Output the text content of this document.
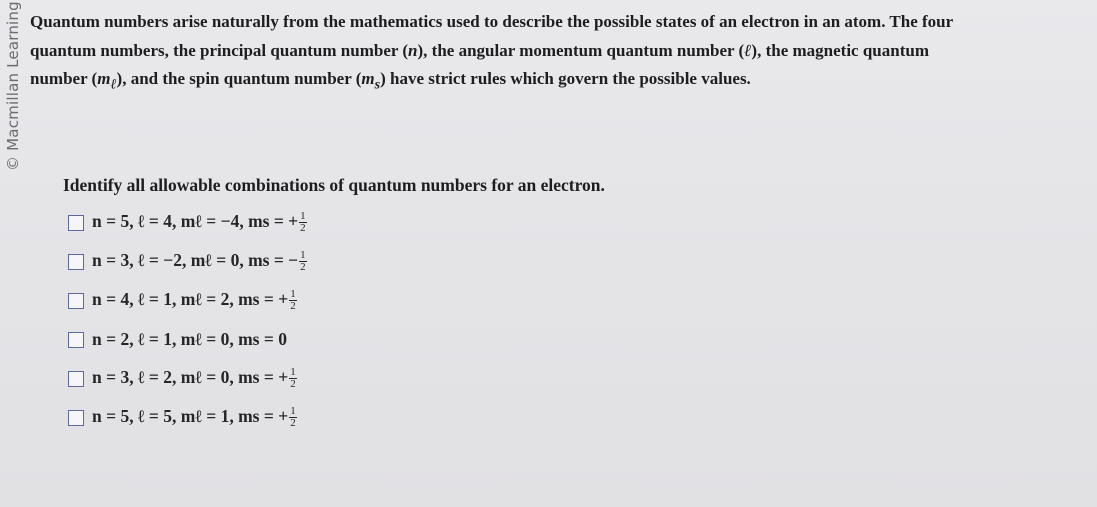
© Macmillan Learning Quantum numbers arise naturally from the mathematics used to describe the possible states of an electron in an atom. The four
quantum numbers, the principal quantum number (n), the angular momentum quantum number (ℓ), the magnetic quantum
number $(m_\ell)$, and the spin quantum number $(m_s)$ have strict rules which govern the possible values.
Identify all allowable combinations of quantum numbers for an electron.
n = 5, ℓ = 4, mℓ = −4, ms = + $\frac{1}{2}$
n = 3, ℓ = −2, mℓ = 0, ms = − $\frac{1}{2}$
n = 4, ℓ = 1, mℓ = 2, ms = + $\frac{1}{2}$
n = 2, ℓ = 1, mℓ = 0, ms = 0
n = 3, ℓ = 2, mℓ = 0, ms = + $\frac{1}{2}$
n = 5, ℓ = 5, mℓ = 1, ms = + $\frac{1}{2}$
